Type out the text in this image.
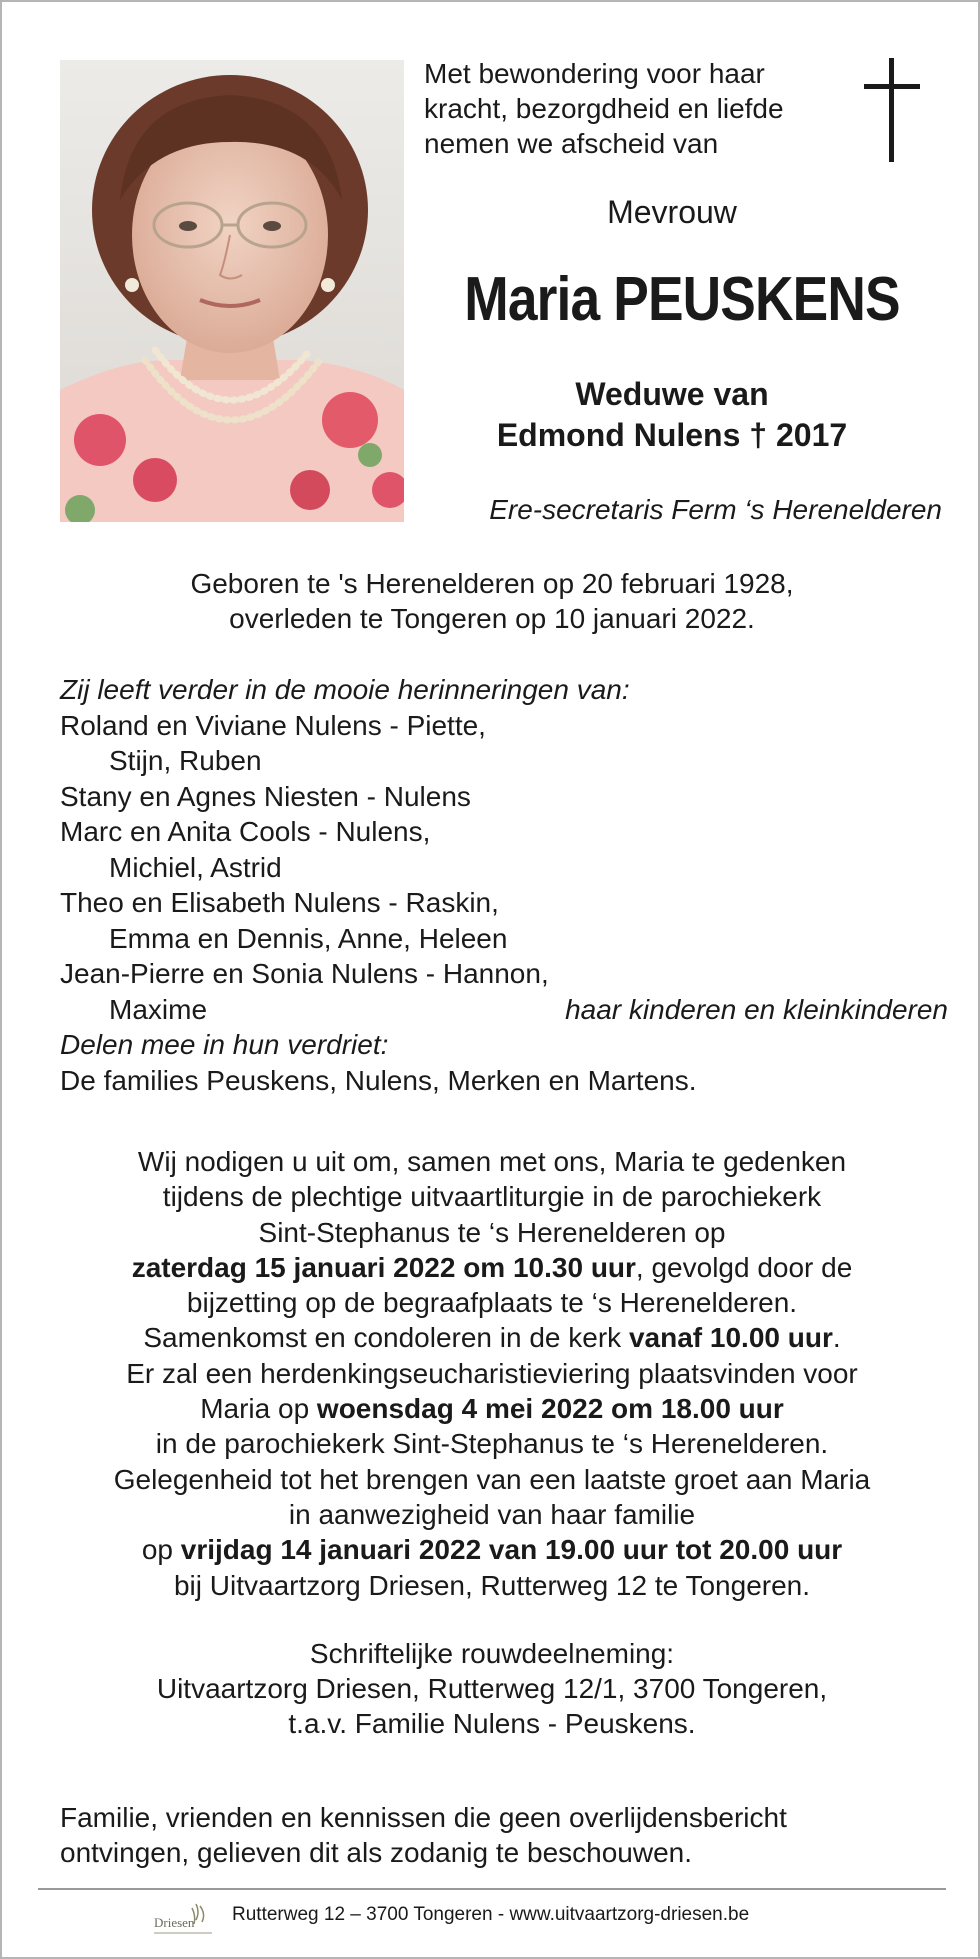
Met bewondering voor haar
kracht, bezorgdheid en liefde
nemen we afscheid van
Mevrouw
Maria PEUSKENS
Weduwe van
Edmond Nulens † 2017
Ere-secretaris Ferm ‘s Herenelderen
Geboren te 's Herenelderen op 20 februari 1928,
overleden te Tongeren op 10 januari 2022.
Zij leeft verder in de mooie herinneringen van:
Roland en Viviane Nulens - Piette,
Stijn, Ruben
Stany en Agnes Niesten - Nulens
Marc en Anita Cools - Nulens,
Michiel, Astrid
Theo en Elisabeth Nulens - Raskin,
Emma en Dennis, Anne, Heleen
Jean-Pierre en Sonia Nulens - Hannon,
Maxime	haar kinderen en kleinkinderen
Delen mee in hun verdriet:
De families Peuskens, Nulens, Merken en Martens.
Wij nodigen u uit om, samen met ons, Maria te gedenken
tijdens de plechtige uitvaartliturgie in de parochiekerk
Sint-Stephanus te ‘s Herenelderen op
zaterdag 15 januari 2022 om 10.30 uur, gevolgd door de
bijzetting op de begraafplaats te ‘s Herenelderen.
Samenkomst en condoleren in de kerk vanaf 10.00 uur.
Er zal een herdenkingseucharistieviering plaatsvinden voor
Maria op woensdag 4 mei 2022 om 18.00 uur
in de parochiekerk Sint-Stephanus te ‘s Herenelderen.
Gelegenheid tot het brengen van een laatste groet aan Maria
in aanwezigheid van haar familie
op vrijdag 14 januari 2022 van 19.00 uur tot 20.00 uur
bij Uitvaartzorg Driesen, Rutterweg 12 te Tongeren.
Schriftelijke rouwdeelneming:
Uitvaartzorg Driesen, Rutterweg 12/1, 3700 Tongeren,
t.a.v. Familie Nulens - Peuskens.
Familie, vrienden en kennissen die geen overlijdensbericht
ontvingen, gelieven dit als zodanig te beschouwen.
Driesen Rutterweg 12 – 3700 Tongeren - www.uitvaartzorg-driesen.be
